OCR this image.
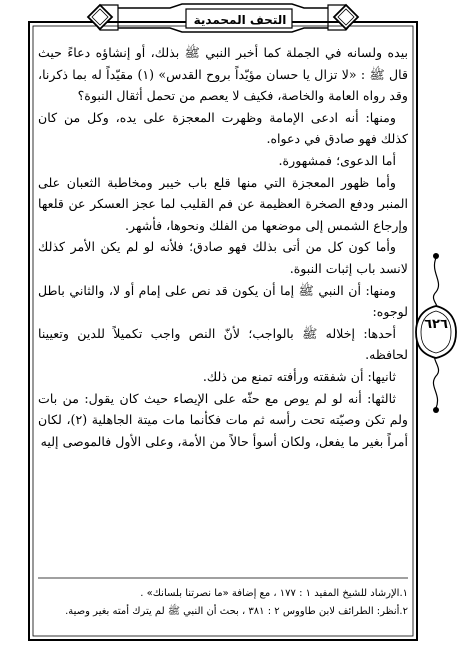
التحف المحمدية

بيده ولسانه في الجملة كما أخبر النبي ﷺ بذلك، أو إنشاؤه دعاءً حيث قال ﷺ : «لا تزال يا حسان مؤيّداً بروح القدس» (١) مقيّداً له بما ذكرنا، وقد رواه العامة والخاصة، فكيف لا يعصم من تحمل أثقال النبوة؟

ومنها: أنه ادعى الإمامة وظهرت المعجزة على يده، وكل من كان كذلك فهو صادق في دعواه.

أما الدعوى؛ فمشهورة.

وأما ظهور المعجزة التي منها قلع باب خيبر ومخاطبة الثعبان على المنبر ودفع الصخرة العظيمة عن فم القليب لما عجز العسكر عن قلعها وإرجاع الشمس إلى موضعها من الفلك ونحوها، فأشهر.

وأما كون كل من أتى بذلك فهو صادق؛ فلأنه لو لم يكن الأمر كذلك لانسد باب إثبات النبوة.

ومنها: أن النبي ﷺ إما أن يكون قد نص على إمام أو لا، والثاني باطل لوجوه:

أحدها: إخلاله ﷺ بالواجب؛ لأنّ النص واجب تكميلاً للدين وتعيينا لحافظه.

ثانيها: أن شفقته ورأفته تمنع من ذلك.

ثالثها: أنه لو لم يوص مع حثّه على الإيصاء حيث كان يقول: من بات ولم تكن وصيّته تحت رأسه ثم مات فكأنما مات ميتة الجاهلية (٢)، لكان أمراً بغير ما يفعل، ولكان أسوأ حالاً من الأمة، وعلى الأول فالموصى إليه

٦٢٦

١.الإرشاد للشيخ المفيد ١ : ١٧٧ ، مع إضافة «ما نصرتنا بلسانك» .

٢.أنظر: الطرائف لابن طاووس ٢ : ٣٨١ ، بحث أن النبي ﷺ لم يترك أمته بغير وصية.
